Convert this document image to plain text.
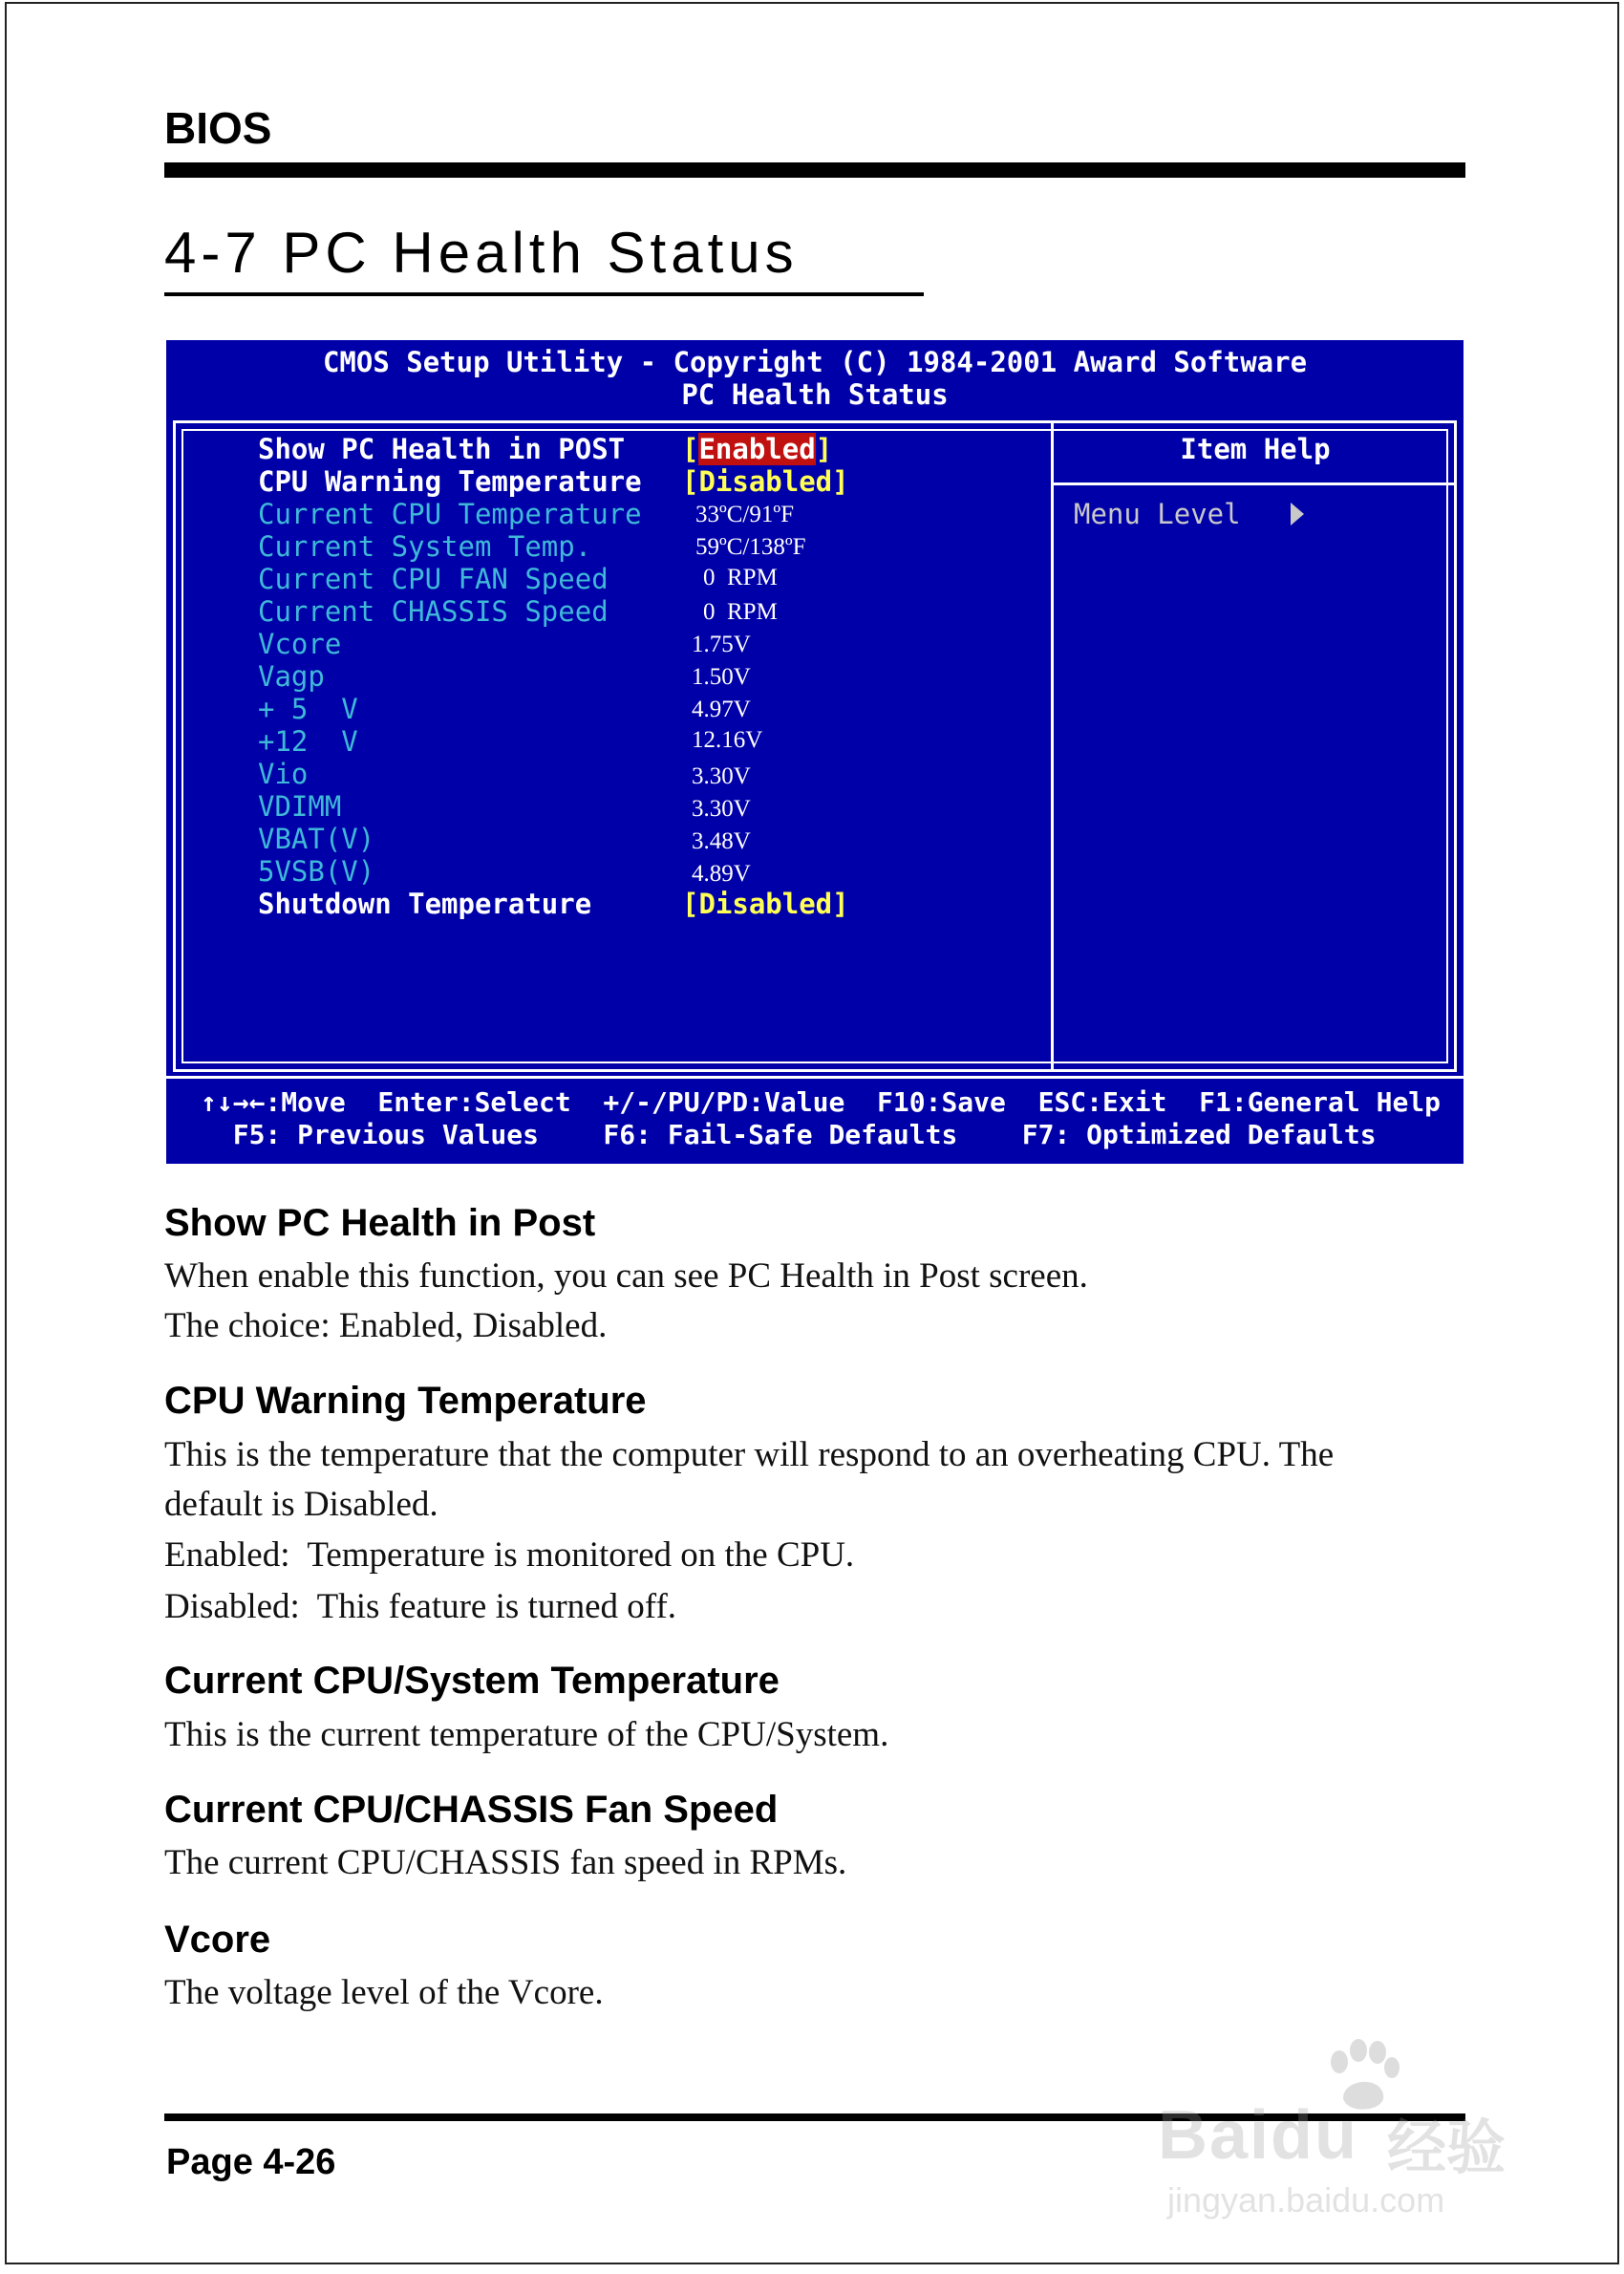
BIOS
4-7 PC Health Status
CMOS Setup Utility - Copyright (C) 1984-2001 Award Software
PC Health Status
Item Help
Menu Level
Show PC Health in POST [Enabled]
CPU Warning Temperature [Disabled]
Current CPU Temperature 33ºC/91ºF
Current System Temp.	59ºC/138ºF
Current CPU FAN Speed	0  RPM
Current CHASSIS Speed	0  RPM
Vcore	1.75V
Vagp	1.50V
+ 5  V	4.97V
+12  V	12.16V
Vio	3.30V
VDIMM	3.30V
VBAT(V)	3.48V
5VSB(V)	4.89V
Shutdown Temperature	[Disabled]
↑↓→←:Move  Enter:Select  +/-/PU/PD:Value  F10:Save  ESC:Exit  F1:General Help
F5: Previous Values    F6: Fail-Safe Defaults    F7: Optimized Defaults
Show PC Health in Post
When enable this function, you can see PC Health in Post screen.
The choice: Enabled, Disabled.
CPU Warning Temperature
This is the temperature that the computer will respond to an overheating CPU. The
default is Disabled.
Enabled:  Temperature is monitored on the CPU.
Disabled:  This feature is turned off.
Current CPU/System Temperature
This is the current temperature of the CPU/System.
Current CPU/CHASSIS Fan Speed
The current CPU/CHASSIS fan speed in RPMs.
Vcore
The voltage level of the Vcore.
Page 4-26	Baidu 经验
jingyan.baidu.com
